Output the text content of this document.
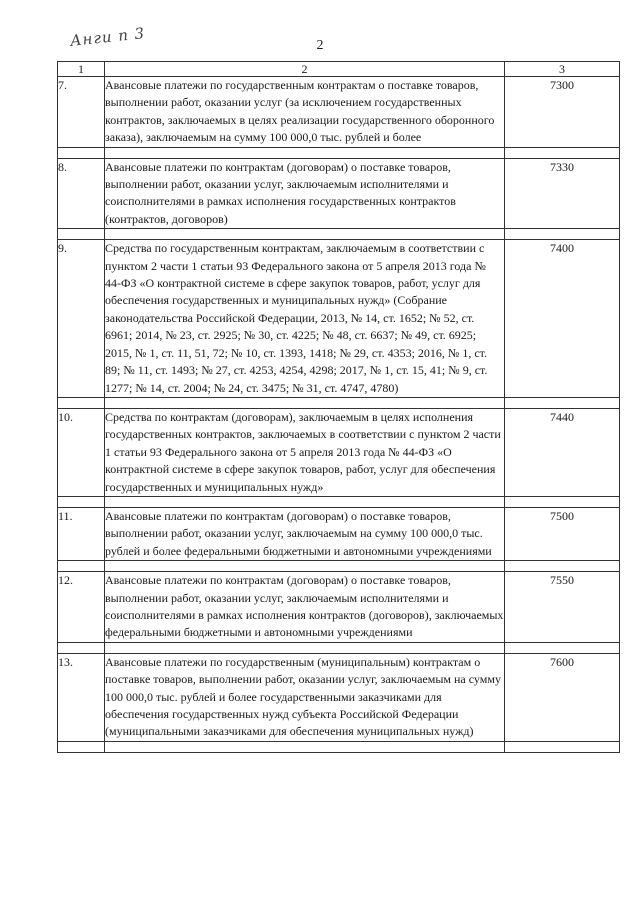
Анги n 3	2
1	2	3
7.	Авансовые платежи по государственным контрактам о поставке товаров, выполнении работ, оказании услуг (за исключением государственных контрактов, заключаемых в целях реализации государственного оборонного заказа), заключаемым на сумму 100 000,0 тыс. рублей и более	7300

8.	Авансовые платежи по контрактам (договорам) о поставке товаров, выполнении работ, оказании услуг, заключаемым исполнителями и соисполнителями в рамках исполнения государственных контрактов (контрактов, договоров)	7330

9.	Средства по государственным контрактам, заключаемым в соответствии с пунктом 2 части 1 статьи 93 Федерального закона от 5 апреля 2013 года № 44-ФЗ «О контрактной системе в сфере закупок товаров, работ, услуг для обеспечения государственных и муниципальных нужд» (Собрание законодательства Российской Федерации, 2013, № 14, ст. 1652; № 52, ст. 6961; 2014, № 23, ст. 2925; № 30, ст. 4225; № 48, ст. 6637; № 49, ст. 6925; 2015, № 1, ст. 11, 51, 72; № 10, ст. 1393, 1418; № 29, ст. 4353; 2016, № 1, ст. 89; № 11, ст. 1493; № 27, ст. 4253, 4254, 4298; 2017, № 1, ст. 15, 41; № 9, ст. 1277; № 14, ст. 2004; № 24, ст. 3475; № 31, ст. 4747, 4780)	7400

10.	Средства по контрактам (договорам), заключаемым в целях исполнения государственных контрактов, заключаемых в соответствии с пунктом 2 части 1 статьи 93 Федерального закона от 5 апреля 2013 года № 44-ФЗ «О контрактной системе в сфере закупок товаров, работ, услуг для обеспечения государственных и муниципальных нужд»	7440

11.	Авансовые платежи по контрактам (договорам) о поставке товаров, выполнении работ, оказании услуг, заключаемым на сумму 100 000,0 тыс. рублей и более федеральными бюджетными и автономными учреждениями	7500

12.	Авансовые платежи по контрактам (договорам) о поставке товаров, выполнении работ, оказании услуг, заключаемым исполнителями и соисполнителями в рамках исполнения контрактов (договоров), заключаемых федеральными бюджетными и автономными учреждениями	7550

13.	Авансовые платежи по государственным (муниципальным) контрактам о поставке товаров, выполнении работ, оказании услуг, заключаемым на сумму 100 000,0 тыс. рублей и более государственными заказчиками для обеспечения государственных нужд субъекта Российской Федерации (муниципальными заказчиками для обеспечения муниципальных нужд)	7600
